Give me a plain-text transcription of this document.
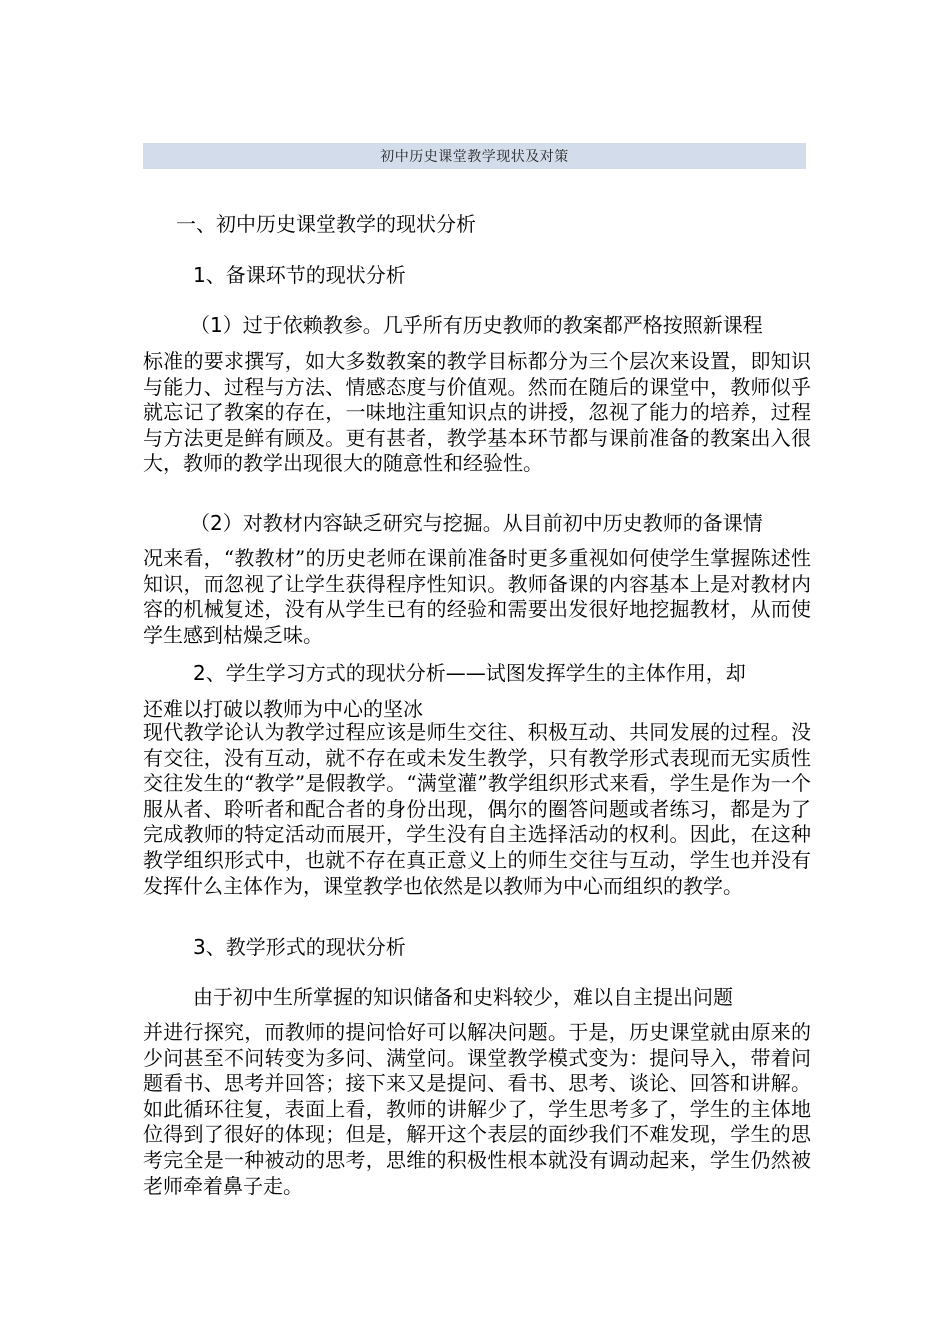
初中历史课堂教学现状及对策

一、初中历史课堂教学的现状分析

1、备课环节的现状分析

（1）过于依赖教参。几乎所有历史教师的教案都严格按照新课程

标准的要求撰写，如大多数教案的教学目标都分为三个层次来设置，即知识与能力、过程与方法、情感态度与价值观。然而在随后的课堂中，教师似乎就忘记了教案的存在，一味地注重知识点的讲授，忽视了能力的培养，过程与方法更是鲜有顾及。更有甚者，教学基本环节都与课前准备的教案出入很大，教师的教学出现很大的随意性和经验性。

（2）对教材内容缺乏研究与挖掘。从目前初中历史教师的备课情

况来看，“教教材”的历史老师在课前准备时更多重视如何使学生掌握陈述性知识，而忽视了让学生获得程序性知识。教师备课的内容基本上是对教材内容的机械复述，没有从学生已有的经验和需要出发很好地挖掘教材，从而使学生感到枯燥乏味。

2、学生学习方式的现状分析——试图发挥学生的主体作用，却

还难以打破以教师为中心的坚冰

现代教学论认为教学过程应该是师生交往、积极互动、共同发展的过程。没有交往，没有互动，就不存在或未发生教学，只有教学形式表现而无实质性交往发生的“教学”是假教学。“满堂灌”教学组织形式来看，学生是作为一个服从者、聆听者和配合者的身份出现，偶尔的圈答问题或者练习，都是为了完成教师的特定活动而展开，学生没有自主选择活动的权利。因此，在这种教学组织形式中，也就不存在真正意义上的师生交往与互动，学生也并没有发挥什么主体作为，课堂教学也依然是以教师为中心而组织的教学。

3、教学形式的现状分析

由于初中生所掌握的知识储备和史料较少，难以自主提出问题

并进行探究，而教师的提问恰好可以解决问题。于是，历史课堂就由原来的少问甚至不问转变为多问、满堂问。课堂教学模式变为：提问导入，带着问题看书、思考并回答；接下来又是提问、看书、思考、谈论、回答和讲解。如此循环往复，表面上看，教师的讲解少了，学生思考多了，学生的主体地位得到了很好的体现；但是，解开这个表层的面纱我们不难发现，学生的思考完全是一种被动的思考，思维的积极性根本就没有调动起来，学生仍然被老师牵着鼻子走。
